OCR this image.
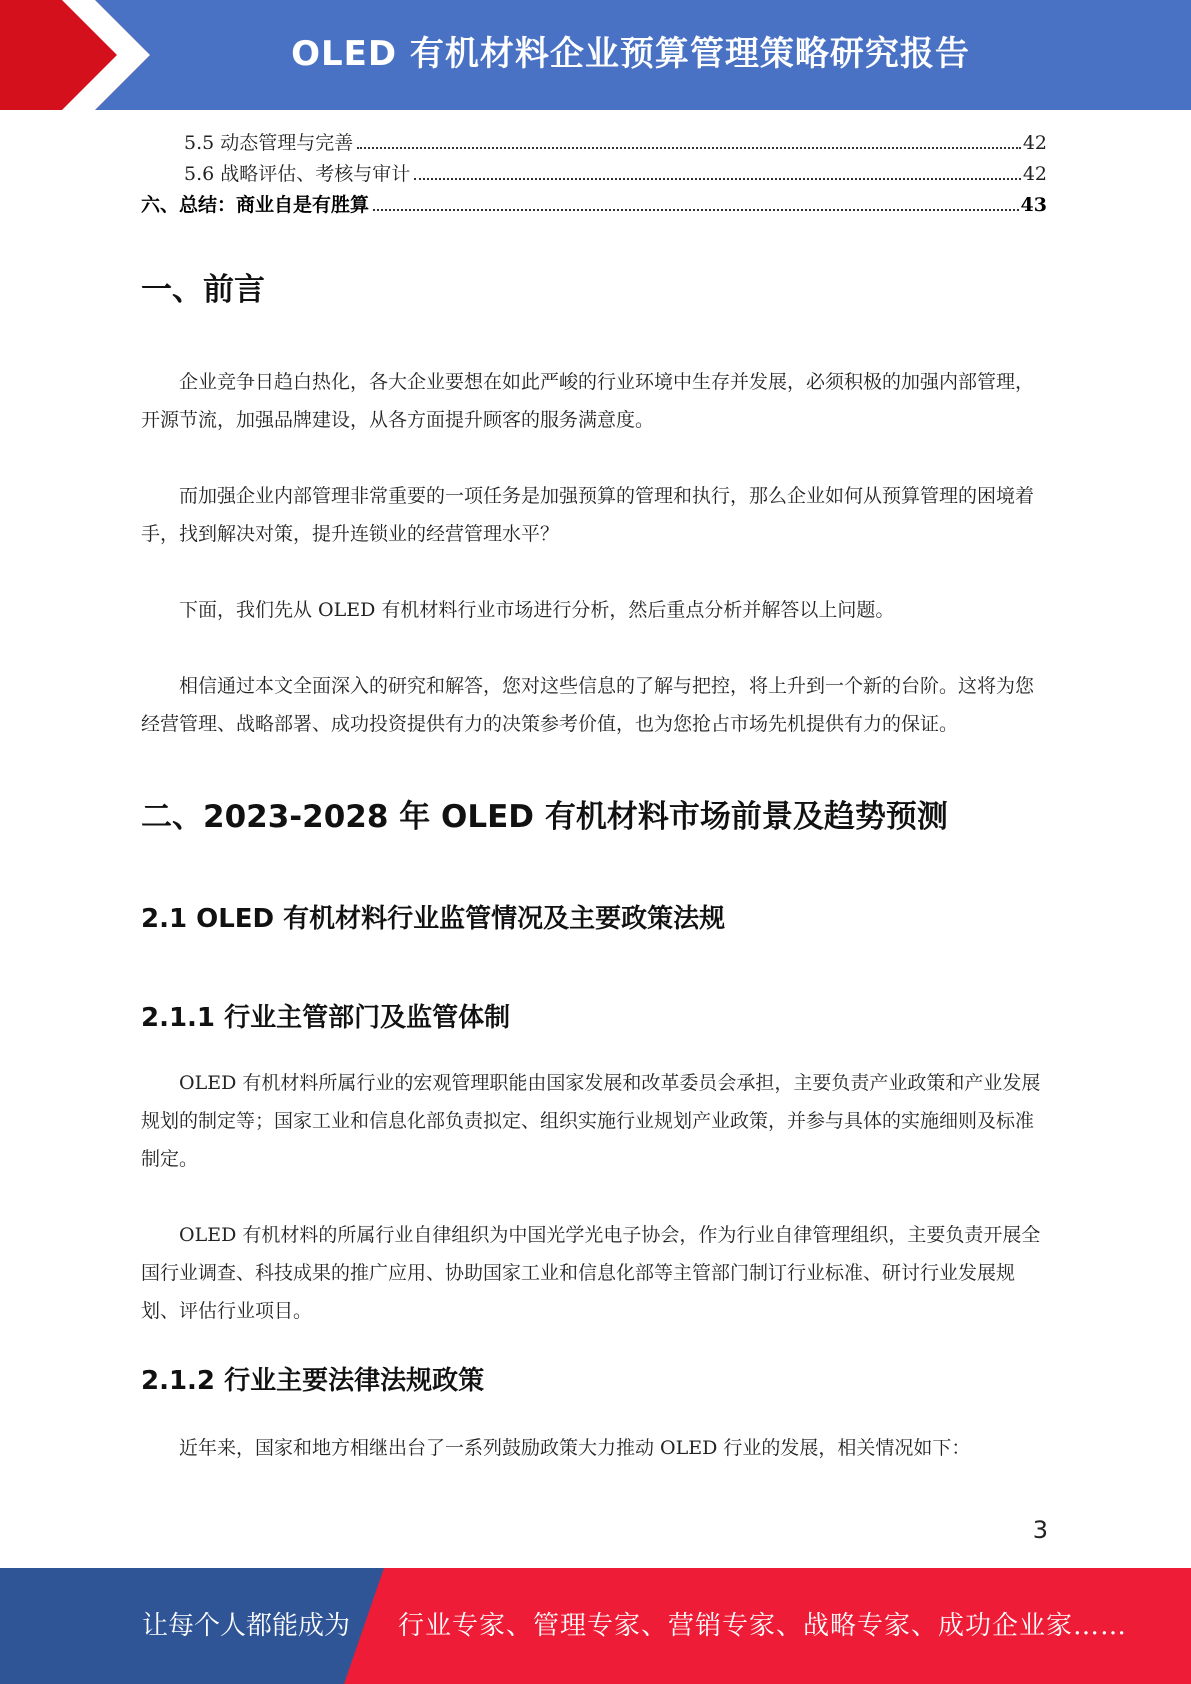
OLED 有机材料企业预算管理策略研究报告
5.5 动态管理与完善	42
5.6 战略评估、考核与审计	42
六、总结：商业自是有胜算	43
一、前言

企业竞争日趋白热化，各大企业要想在如此严峻的行业环境中生存并发展，必须积极的加强内部管理，开源节流，加强品牌建设，从各方面提升顾客的服务满意度。

而加强企业内部管理非常重要的一项任务是加强预算的管理和执行，那么企业如何从预算管理的困境着手，找到解决对策，提升连锁业的经营管理水平？

下面，我们先从 OLED 有机材料行业市场进行分析，然后重点分析并解答以上问题。

相信通过本文全面深入的研究和解答，您对这些信息的了解与把控，将上升到一个新的台阶。这将为您经营管理、战略部署、成功投资提供有力的决策参考价值，也为您抢占市场先机提供有力的保证。

二、2023-2028 年 OLED 有机材料市场前景及趋势预测
2.1 OLED 有机材料行业监管情况及主要政策法规
2.1.1 行业主管部门及监管体制

OLED 有机材料所属行业的宏观管理职能由国家发展和改革委员会承担，主要负责产业政策和产业发展规划的制定等；国家工业和信息化部负责拟定、组织实施行业规划产业政策，并参与具体的实施细则及标准制定。

OLED 有机材料的所属行业自律组织为中国光学光电子协会，作为行业自律管理组织，主要负责开展全国行业调查、科技成果的推广应用、协助国家工业和信息化部等主管部门制订行业标准、研讨行业发展规划、评估行业项目。

2.1.2 行业主要法律法规政策

近年来，国家和地方相继出台了一系列鼓励政策大力推动 OLED 行业的发展，相关情况如下：

3
让每个人都能成为 行业专家、管理专家、营销专家、战略专家、成功企业家……
